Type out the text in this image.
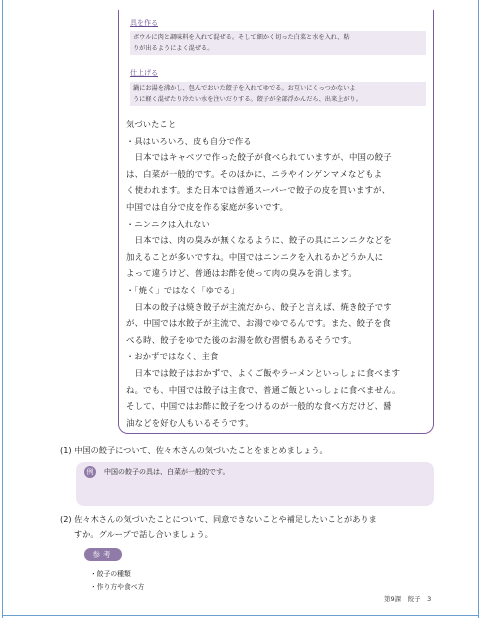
具を作る
ボウルに肉と調味料を入れて混ぜる。そして細かく切った白菜と水を入れ、粘
りが出るようによく混ぜる。
仕上げる
鍋にお湯を沸かし、包んでおいた餃子を入れてゆでる。お互いにくっつかないよ
うに軽く混ぜたり冷たい水を注いだりする。餃子が全部浮かんだら、出来上がり。
気づいたこと
・具はいろいろ、皮も自分で作る
　日本ではキャベツで作った餃子が食べられていますが、中国の餃子
は、白菜が一般的です。そのほかに、ニラやインゲンマメなどもよ
く使われます。また日本では普通スーパーで餃子の皮を買いますが、
中国では自分で皮を作る家庭が多いです。
・ニンニクは入れない
　日本では、肉の臭みが無くなるように、餃子の具にニンニクなどを
加えることが多いですね。中国ではニンニクを入れるかどうか人に
よって違うけど、普通はお酢を使って肉の臭みを消します。
・「焼く」ではなく「ゆでる」
　日本の餃子は焼き餃子が主流だから、餃子と言えば、焼き餃子です
が、中国では水餃子が主流で、お湯でゆでるんです。また、餃子を食
べる時、餃子をゆでた後のお湯を飲む習慣もあるそうです。
・おかずではなく、主食
　日本では餃子はおかずで、よくご飯やラーメンといっしょに食べます
ね。でも、中国では餃子は主食で、普通ご飯といっしょに食べません。
そして、中国ではお酢に餃子をつけるのが一般的な食べ方だけど、醤
油などを好む人もいるそうです。
(1) 中国の餃子について、佐々木さんの気づいたことをまとめましょう。
例	中国の餃子の具は、白菜が一般的です。
(2) 佐々木さんの気づいたことについて、同意できないことや補足したいことがありま
すか。グループで話し合いましょう。
参考
・餃子の種類
・作り方や食べ方
第9課　餃子　3
